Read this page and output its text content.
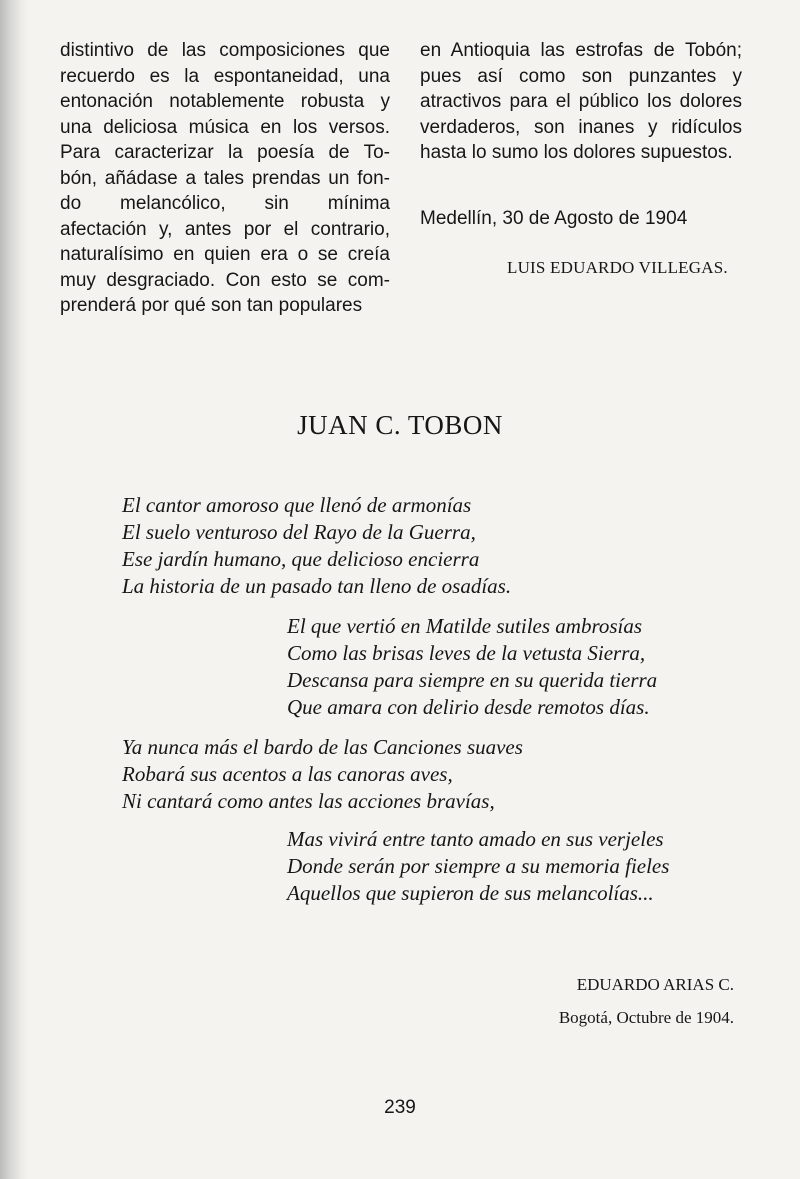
distintivo de las composiciones que
recuerdo es la espontaneidad, una
entonación notablemente robusta y
una deliciosa música en los versos.
Para caracterizar la poesía de To-
bón, añádase a tales prendas un fon-
do melancólico, sin mínima
afectación y, antes por el contrario,
naturalísimo en quien era o se creía
muy desgraciado. Con esto se com-
prenderá por qué son tan populares
en Antioquia las estrofas de Tobón;
pues así como son punzantes y
atractivos para el público los dolores
verdaderos, son inanes y ridículos
hasta lo sumo los dolores supuestos.
Medellín, 30 de Agosto de 1904
LUIS EDUARDO VILLEGAS.
JUAN C. TOBON
El cantor amoroso que llenó de armonías
El suelo venturoso del Rayo de la Guerra,
Ese jardín humano, que delicioso encierra
La historia de un pasado tan lleno de osadías.
El que vertió en Matilde sutiles ambrosías
Como las brisas leves de la vetusta Sierra,
Descansa para siempre en su querida tierra
Que amara con delirio desde remotos días.
Ya nunca más el bardo de las Canciones suaves
Robará sus acentos a las canoras aves,
Ni cantará como antes las acciones bravías,
Mas vivirá entre tanto amado en sus verjeles
Donde serán por siempre a su memoria fieles
Aquellos que supieron de sus melancolías...
EDUARDO ARIAS C.
Bogotá, Octubre de 1904.
239
